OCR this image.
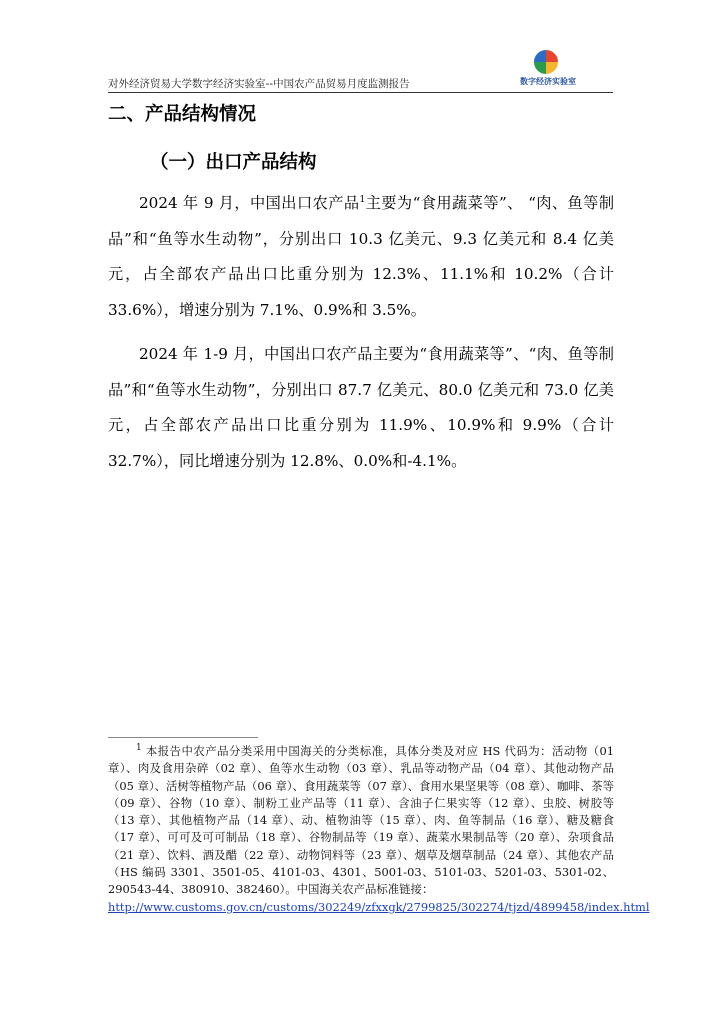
对外经济贸易大学数字经济实验室--中国农产品贸易月度监测报告	数字经济实验室
二、产品结构情况
（一）出口产品结构
2024 年 9 月，中国出口农产品$^1$主要为“食用蔬菜等”、 “肉、鱼等制品”和“鱼等水生动物”，分别出口 10.3 亿美元、9.3 亿美元和 8.4 亿美元，占全部农产品出口比重分别为 12.3%、11.1%和 10.2%（合计 33.6%），增速分别为 7.1%、0.9%和 3.5%。
2024 年 1-9 月，中国出口农产品主要为“食用蔬菜等”、“肉、鱼等制品”和“鱼等水生动物”，分别出口 87.7 亿美元、80.0 亿美元和 73.0 亿美元，占全部农产品出口比重分别为 11.9%、10.9%和 9.9%（合计 32.7%），同比增速分别为 12.8%、0.0%和-4.1%。
$^1$ 本报告中农产品分类采用中国海关的分类标准，具体分类及对应 HS 代码为：活动物（01 章）、肉及食用杂碎（02 章）、鱼等水生动物（03 章）、乳品等动物产品（04 章）、其他动物产品（05 章）、活树等植物产品（06 章）、食用蔬菜等（07 章）、食用水果坚果等（08 章）、咖啡、茶等（09 章）、谷物（10 章）、制粉工业产品等（11 章）、含油子仁果实等（12 章）、虫胶、树胶等（13 章）、其他植物产品（14 章）、动、植物油等（15 章）、肉、鱼等制品（16 章）、糖及糖食（17 章）、可可及可可制品（18 章）、谷物制品等（19 章）、蔬菜水果制品等（20 章）、杂项食品（21 章）、饮料、酒及醋（22 章）、动物饲料等（23 章）、烟草及烟草制品（24 章）、其他农产品（HS 编码 3301、3501-05、4101-03、4301、5001-03、5101-03、5201-03、5301-02、290543-44、380910、382460）。中国海关农产品标准链接：
http://www.customs.gov.cn/customs/302249/zfxxgk/2799825/302274/tjzd/4899458/index.html
